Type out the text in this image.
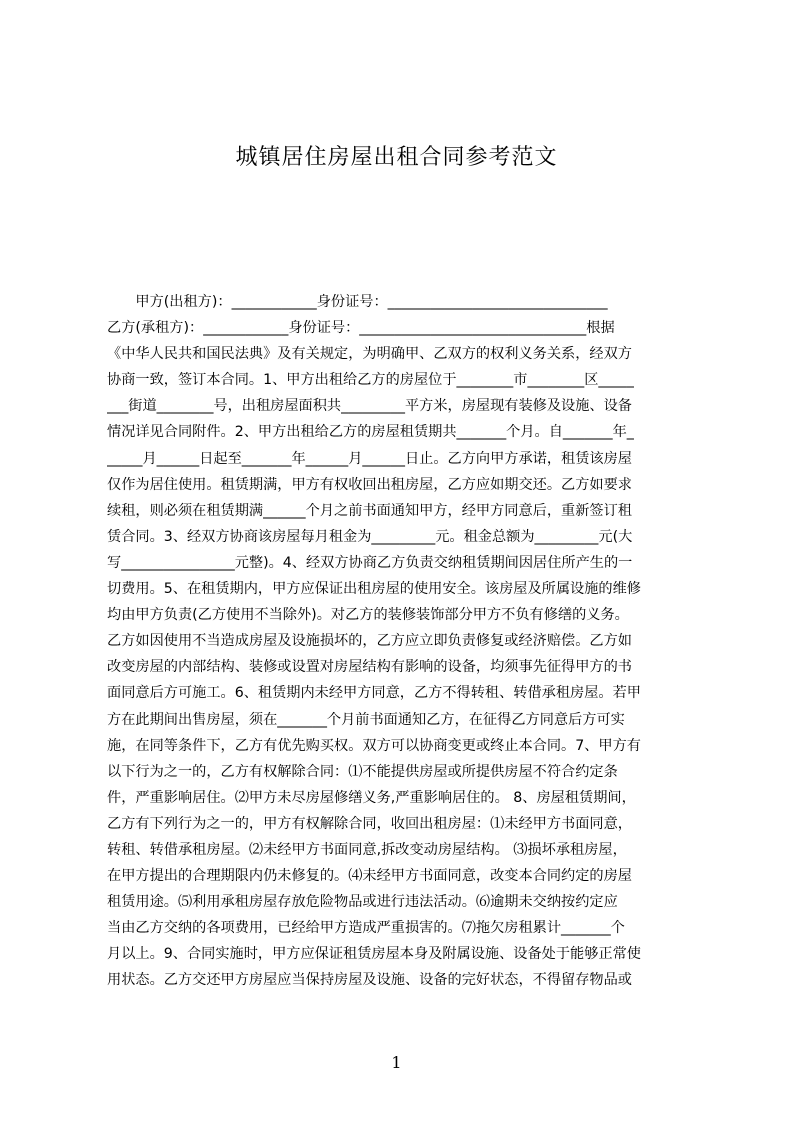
城镇居住房屋出租合同参考范文
　　甲方(出租方)：____________身份证号：_______________________________
乙方(承租方)：____________身份证号：________________________________根据
《中华人民共和国民法典》及有关规定，为明确甲、乙双方的权利义务关系，经双方
协商一致，签订本合同。1、甲方出租给乙方的房屋位于________市________区_____
___街道________号，出租房屋面积共_________平方米，房屋现有装修及设施、设备
情况详见合同附件。2、甲方出租给乙方的房屋租赁期共_______个月。自_______年_
_____月______日起至_______年______月______日止。乙方向甲方承诺，租赁该房屋
仅作为居住使用。租赁期满，甲方有权收回出租房屋，乙方应如期交还。乙方如要求
续租，则必须在租赁期满______个月之前书面通知甲方，经甲方同意后，重新签订租
赁合同。3、经双方协商该房屋每月租金为_________元。租金总额为_________元(大
写________________元整)。4、经双方协商乙方负责交纳租赁期间因居住所产生的一
切费用。5、在租赁期内，甲方应保证出租房屋的使用安全。该房屋及所属设施的维修
均由甲方负责(乙方使用不当除外)。对乙方的装修装饰部分甲方不负有修缮的义务。
乙方如因使用不当造成房屋及设施损坏的，乙方应立即负责修复或经济赔偿。乙方如
改变房屋的内部结构、装修或设置对房屋结构有影响的设备，均须事先征得甲方的书
面同意后方可施工。6、租赁期内未经甲方同意，乙方不得转租、转借承租房屋。若甲
方在此期间出售房屋，须在_______个月前书面通知乙方，在征得乙方同意后方可实
施，在同等条件下，乙方有优先购买权。双方可以协商变更或终止本合同。7、甲方有
以下行为之一的，乙方有权解除合同：⑴不能提供房屋或所提供房屋不符合约定条
件，严重影响居住。⑵甲方未尽房屋修缮义务,严重影响居住的。 8、房屋租赁期间，
乙方有下列行为之一的，甲方有权解除合同，收回出租房屋：⑴未经甲方书面同意，
转租、转借承租房屋。⑵未经甲方书面同意,拆改变动房屋结构。 ⑶损坏承租房屋，
在甲方提出的合理期限内仍未修复的。⑷未经甲方书面同意，改变本合同约定的房屋
租赁用途。⑸利用承租房屋存放危险物品或进行违法活动。⑹逾期未交纳按约定应
当由乙方交纳的各项费用，已经给甲方造成严重损害的。⑺拖欠房租累计_______个
月以上。9、合同实施时，甲方应保证租赁房屋本身及附属设施、设备处于能够正常使
用状态。乙方交还甲方房屋应当保持房屋及设施、设备的完好状态，不得留存物品或
1
